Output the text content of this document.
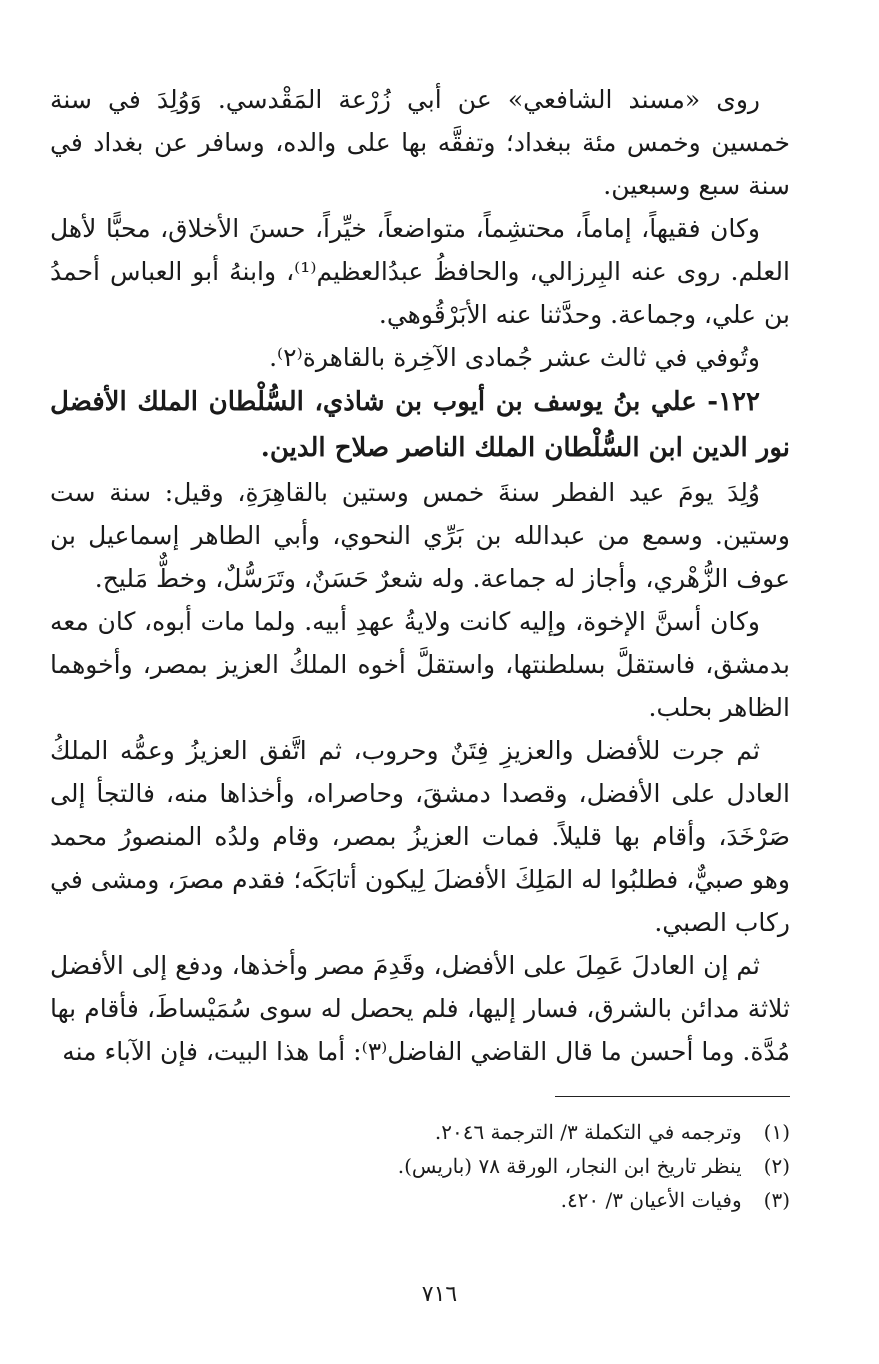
روى «مسند الشافعي» عن أبي زُرْعة المَقْدسي. وَوُلِدَ في سنة خمسين وخمس مئة ببغداد؛ وتفقَّه بها على والده، وسافر عن بغداد في سنة سبع وسبعين.

وكان فقيهاً، إماماً، محتشِماً، متواضعاً، خيِّراً، حسنَ الأخلاق، محبًّا لأهل العلم. روى عنه البِرزالي، والحافظُ عبدُالعظيم⁽¹⁾، وابنهُ أبو العباس أحمدُ بن علي، وجماعة. وحدَّثنا عنه الأبَرْقُوهي.

وتُوفي في ثالث عشر جُمادى الآخِرة بالقاهرة⁽٢⁾.

١٢٢- علي بنُ يوسف بن أيوب بن شاذي، السُّلْطان الملك الأفضل نور الدين ابن السُّلْطان الملك الناصر صلاح الدين.

وُلِدَ يومَ عيد الفطر سنةَ خمس وستين بالقاهِرَةِ، وقيل: سنة ست وستين. وسمع من عبدالله بن بَرِّي النحوي، وأبي الطاهر إسماعيل بن عوف الزُّهْري، وأجاز له جماعة. وله شعرٌ حَسَنٌ، وتَرَسُّلٌ، وخطٌّ مَليح.

وكان أسنَّ الإخوة، وإليه كانت ولايةُ عهدِ أبيه. ولما مات أبوه، كان معه بدمشق، فاستقلَّ بسلطنتها، واستقلَّ أخوه الملكُ العزيز بمصر، وأخوهما الظاهر بحلب.

ثم جرت للأفضل والعزيزِ فِتَنٌ وحروب، ثم اتَّفق العزيزُ وعمُّه الملكُ العادل على الأفضل، وقصدا دمشقَ، وحاصراه، وأخذاها منه، فالتجأ إلى صَرْخَدَ، وأقام بها قليلاً. فمات العزيزُ بمصر، وقام ولدُه المنصورُ محمد وهو صبيٌّ، فطلبُوا له المَلِكَ الأفضلَ لِيكون أتابَكَه؛ فقدم مصرَ، ومشى في ركاب الصبي.

ثم إن العادلَ عَمِلَ على الأفضل، وقَدِمَ مصر وأخذها، ودفع إلى الأفضل ثلاثة مدائن بالشرق، فسار إليها، فلم يحصل له سوى سُمَيْساطَ، فأقام بها مُدَّة. وما أحسن ما قال القاضي الفاضل⁽٣⁾: أما هذا البيت، فإن الآباء منه

(١) وترجمه في التكملة ٣/ الترجمة ٢٠٤٦.

(٢) ينظر تاريخ ابن النجار، الورقة ٧٨ (باريس).

(٣) وفيات الأعيان ٣/ ٤٢٠.

٧١٦
